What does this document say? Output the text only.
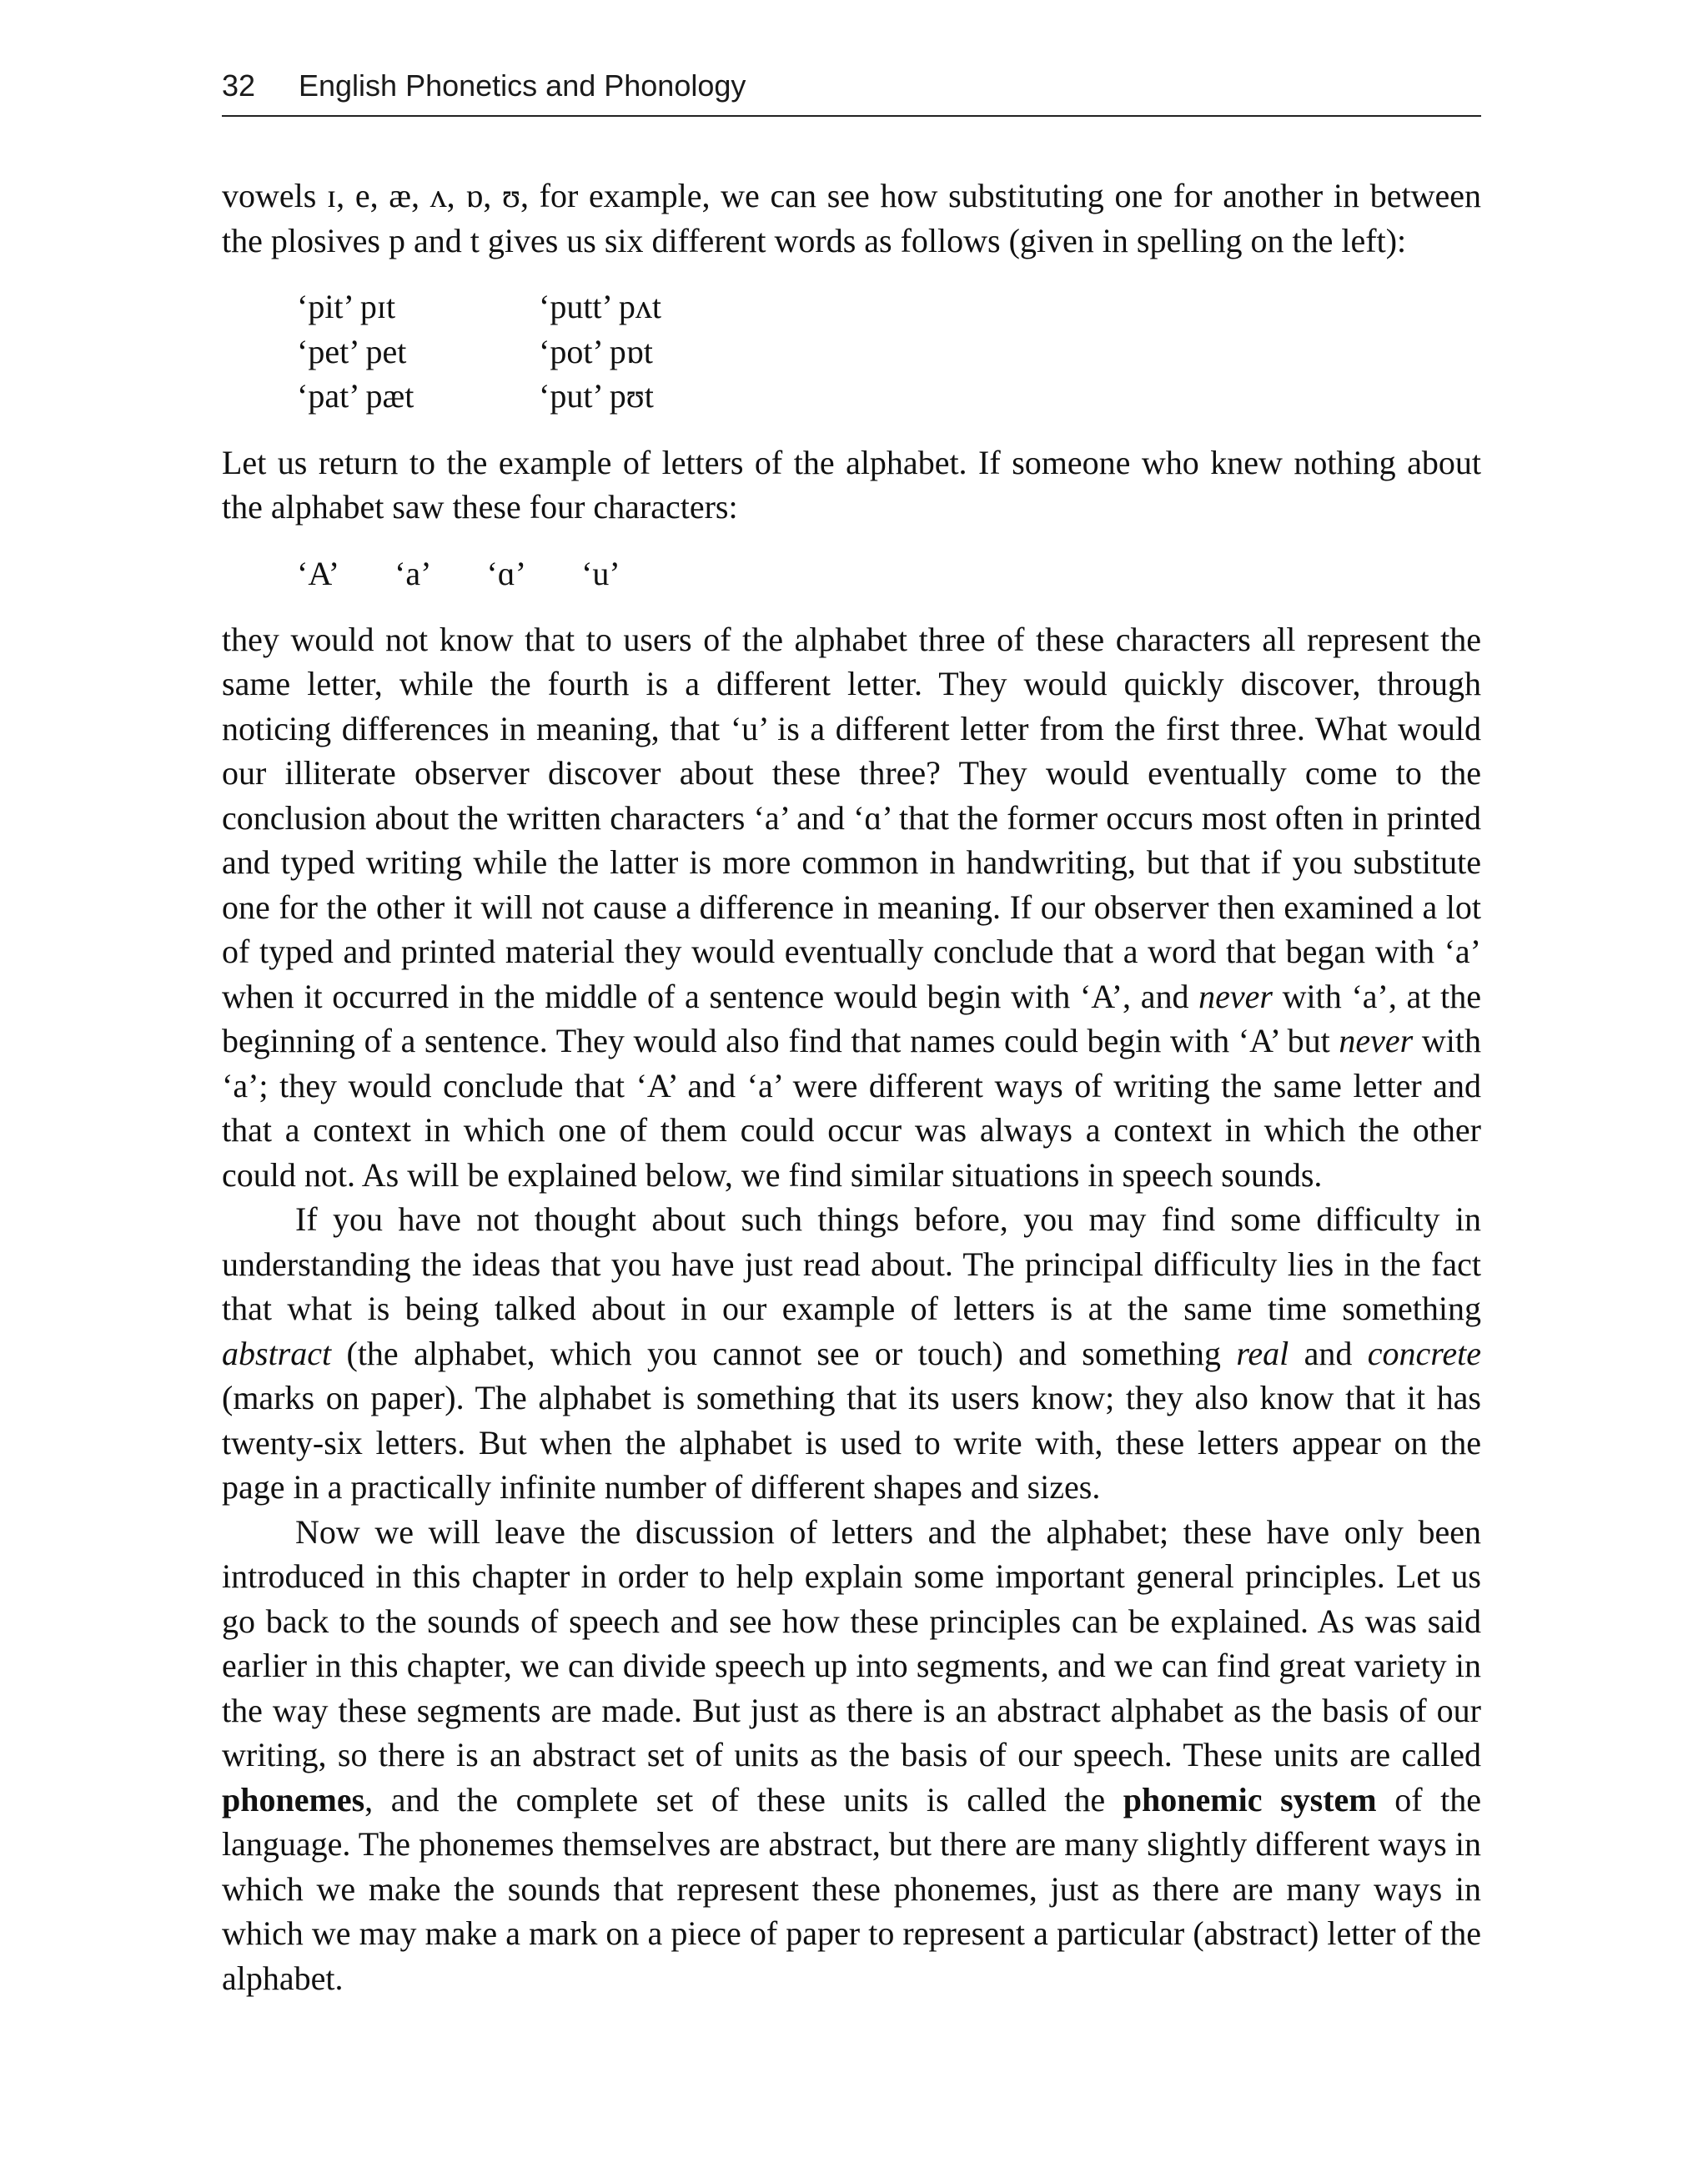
32 English Phonetics and Phonology

vowels ɪ, e, æ, ʌ, ɒ, ʊ, for example, we can see how substituting one for another in between the plosives p and t gives us six different words as follows (given in spelling on the left):

‘pit’ pɪt	‘putt’ pʌt
‘pet’ pet	‘pot’ pɒt
‘pat’ pæt	‘put’ pʊt

Let us return to the example of letters of the alphabet. If someone who knew nothing about the alphabet saw these four characters:

‘A’ ‘a’ ‘ɑ’ ‘u’

they would not know that to users of the alphabet three of these characters all represent the same letter, while the fourth is a different letter. They would quickly discover, through noticing differences in meaning, that ‘u’ is a different letter from the first three. What would our illiterate observer discover about these three? They would eventually come to the conclusion about the written characters ‘a’ and ‘ɑ’ that the former occurs most often in printed and typed writing while the latter is more common in handwriting, but that if you substitute one for the other it will not cause a difference in meaning. If our observer then examined a lot of typed and printed material they would eventually conclude that a word that began with ‘a’ when it occurred in the middle of a sentence would begin with ‘A’, and never with ‘a’, at the beginning of a sentence. They would also find that names could begin with ‘A’ but never with ‘a’; they would conclude that ‘A’ and ‘a’ were different ways of writing the same letter and that a context in which one of them could occur was always a context in which the other could not. As will be explained below, we find similar situations in speech sounds.

If you have not thought about such things before, you may find some difficulty in understanding the ideas that you have just read about. The principal difficulty lies in the fact that what is being talked about in our example of letters is at the same time something abstract (the alphabet, which you cannot see or touch) and something real and concrete (marks on paper). The alphabet is something that its users know; they also know that it has twenty-six letters. But when the alphabet is used to write with, these letters appear on the page in a practically infinite number of different shapes and sizes.

Now we will leave the discussion of letters and the alphabet; these have only been introduced in this chapter in order to help explain some important general principles. Let us go back to the sounds of speech and see how these principles can be explained. As was said earlier in this chapter, we can divide speech up into segments, and we can find great variety in the way these segments are made. But just as there is an abstract alphabet as the basis of our writing, so there is an abstract set of units as the basis of our speech. These units are called phonemes, and the complete set of these units is called the phonemic system of the language. The phonemes themselves are abstract, but there are many slightly different ways in which we make the sounds that represent these phonemes, just as there are many ways in which we may make a mark on a piece of paper to represent a particular (abstract) letter of the alphabet.
